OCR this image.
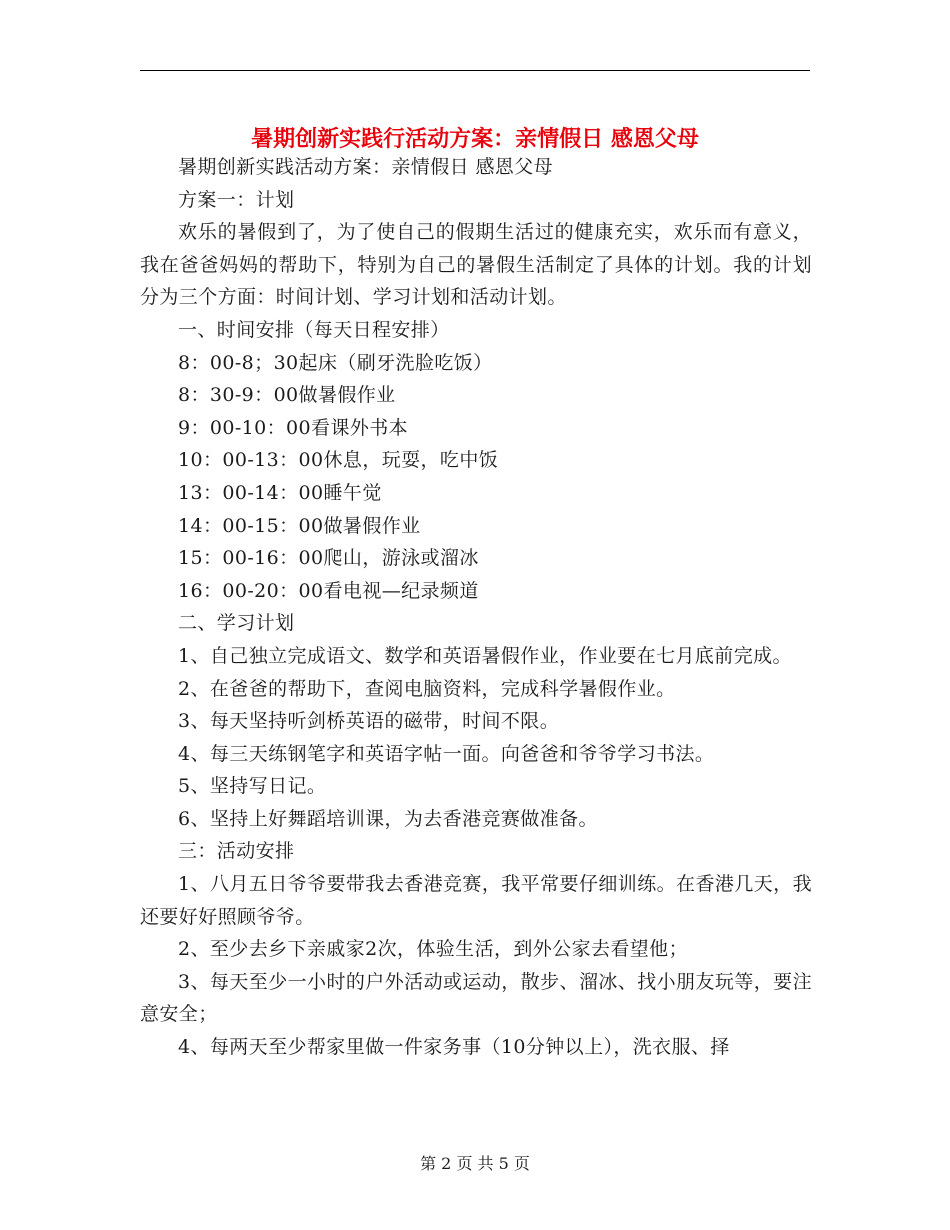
暑期创新实践行活动方案：亲情假日 感恩父母

暑期创新实践活动方案：亲情假日 感恩父母

方案一：计划

欢乐的暑假到了，为了使自己的假期生活过的健康充实，欢乐而有意义，我在爸爸妈妈的帮助下，特别为自己的暑假生活制定了具体的计划。我的计划分为三个方面：时间计划、学习计划和活动计划。

一、时间安排（每天日程安排）

8：00-8；30起床（刷牙洗脸吃饭）

8：30-9：00做暑假作业

9：00-10：00看课外书本

10：00-13：00休息，玩耍，吃中饭

13：00-14：00睡午觉

14：00-15：00做暑假作业

15：00-16：00爬山，游泳或溜冰

16：00-20：00看电视—纪录频道

二、学习计划

1、自己独立完成语文、数学和英语暑假作业，作业要在七月底前完成。

2、在爸爸的帮助下，查阅电脑资料，完成科学暑假作业。

3、每天坚持听剑桥英语的磁带，时间不限。

4、每三天练钢笔字和英语字帖一面。向爸爸和爷爷学习书法。

5、坚持写日记。

6、坚持上好舞蹈培训课，为去香港竞赛做准备。

三：活动安排

1、八月五日爷爷要带我去香港竞赛，我平常要仔细训练。在香港几天，我还要好好照顾爷爷。

2、至少去乡下亲戚家2次，体验生活，到外公家去看望他；

3、每天至少一小时的户外活动或运动，散步、溜冰、找小朋友玩等，要注意安全；

4、每两天至少帮家里做一件家务事（10分钟以上），洗衣服、择

第 2 页 共 5 页
